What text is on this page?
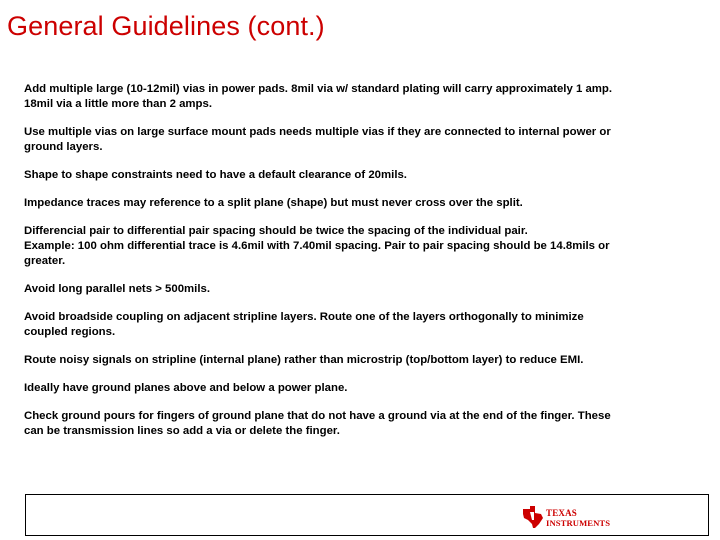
General Guidelines (cont.)

Add multiple large (10-12mil) vias in power pads. 8mil via w/ standard plating will carry approximately 1 amp.
18mil via a little more than 2 amps.

Use multiple vias on large surface mount pads needs multiple vias if they are connected to internal power or
ground layers.

Shape to shape constraints need to have a default clearance of 20mils.

Impedance traces may reference to a split plane (shape) but must never cross over the split.

Differencial pair to differential pair spacing should be twice the spacing of the individual pair.
Example: 100 ohm differential trace is 4.6mil with 7.40mil spacing. Pair to pair spacing should be 14.8mils or
greater.

Avoid long parallel nets > 500mils.

Avoid broadside coupling on adjacent stripline layers. Route one of the layers orthogonally to minimize
coupled regions.

Route noisy signals on stripline (internal plane) rather than microstrip (top/bottom layer) to reduce EMI.

Ideally have ground planes above and below a power plane.

Check ground pours for fingers of ground plane that do not have a ground via at the end of the finger. These
can be transmission lines so add a via or delete the finger.

TEXAS
INSTRUMENTS
